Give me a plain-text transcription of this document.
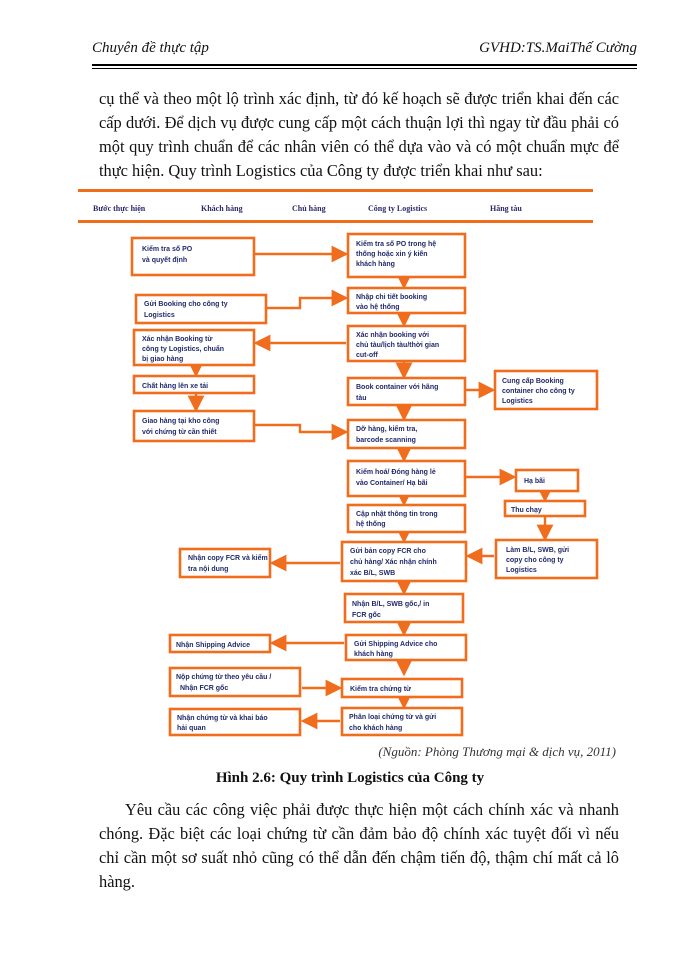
Chuyên đề thực tập	GVHD:TS.MaiThế Cường
cụ thể và theo một lộ trình xác định, từ đó kế hoạch sẽ được triển khai đến các cấp dưới. Để dịch vụ được cung cấp một cách thuận lợi thì ngay từ đầu phải có một quy trình chuẩn để các nhân viên có thể dựa vào và có một chuẩn mực để thực hiện. Quy trình Logistics của Công ty được triển khai như sau:
Bước thực hiện	Khách hàng	Chủ hàng	Công ty Logistics	Hãng tàu
Kiểm tra số PO
và quyết định
Kiểm tra số PO trong hệ
thống hoặc xin ý kiến
khách hàng
Gửi Booking cho công ty
Logistics
Nhập chi tiết booking
vào hệ thống
Xác nhận Booking từ
công ty Logistics, chuẩn
bị giao hàng
Xác nhận booking với
chủ tàu/lịch tàu/thời gian
cut-off
Chất hàng lên xe tải	Book container với hãng
tàu
Cung cấp Booking
container cho công ty
Logistics
Giao hàng tại kho công
với chứng từ cần thiết	Dỡ hàng, kiểm tra,
barcode scanning
Kiểm hoá/ Đóng hàng lẻ
vào Container/ Hạ bãi	Hạ bãi
Cập nhật thông tin trong
hệ thống
Thu chạy
Nhận copy FCR và kiểm
tra nội dung
Gửi bản copy FCR cho
chủ hàng/ Xác nhận chính
xác B/L, SWB
Làm B/L, SWB, gửi
copy cho công ty
Logistics
Nhận B/L, SWB gốc,/ in
FCR gốc
Nhận Shipping Advice	Gửi Shipping Advice cho
khách hàng
Nộp chứng từ theo yêu cầu /
Nhận FCR gốc	Kiểm tra chứng từ
Nhận chứng từ và khai báo
hải quan
Phân loại chứng từ và gửi
cho khách hàng
(Nguồn: Phòng Thương mại & dịch vụ, 2011)
Hình 2.6: Quy trình Logistics của Công ty
Yêu cầu các công việc phải được thực hiện một cách chính xác và nhanh chóng. Đặc biệt các loại chứng từ cần đảm bảo độ chính xác tuyệt đối vì nếu chỉ cần một sơ suất nhỏ cũng có thể dẫn đến chậm tiến độ, thậm chí mất cả lô hàng.
